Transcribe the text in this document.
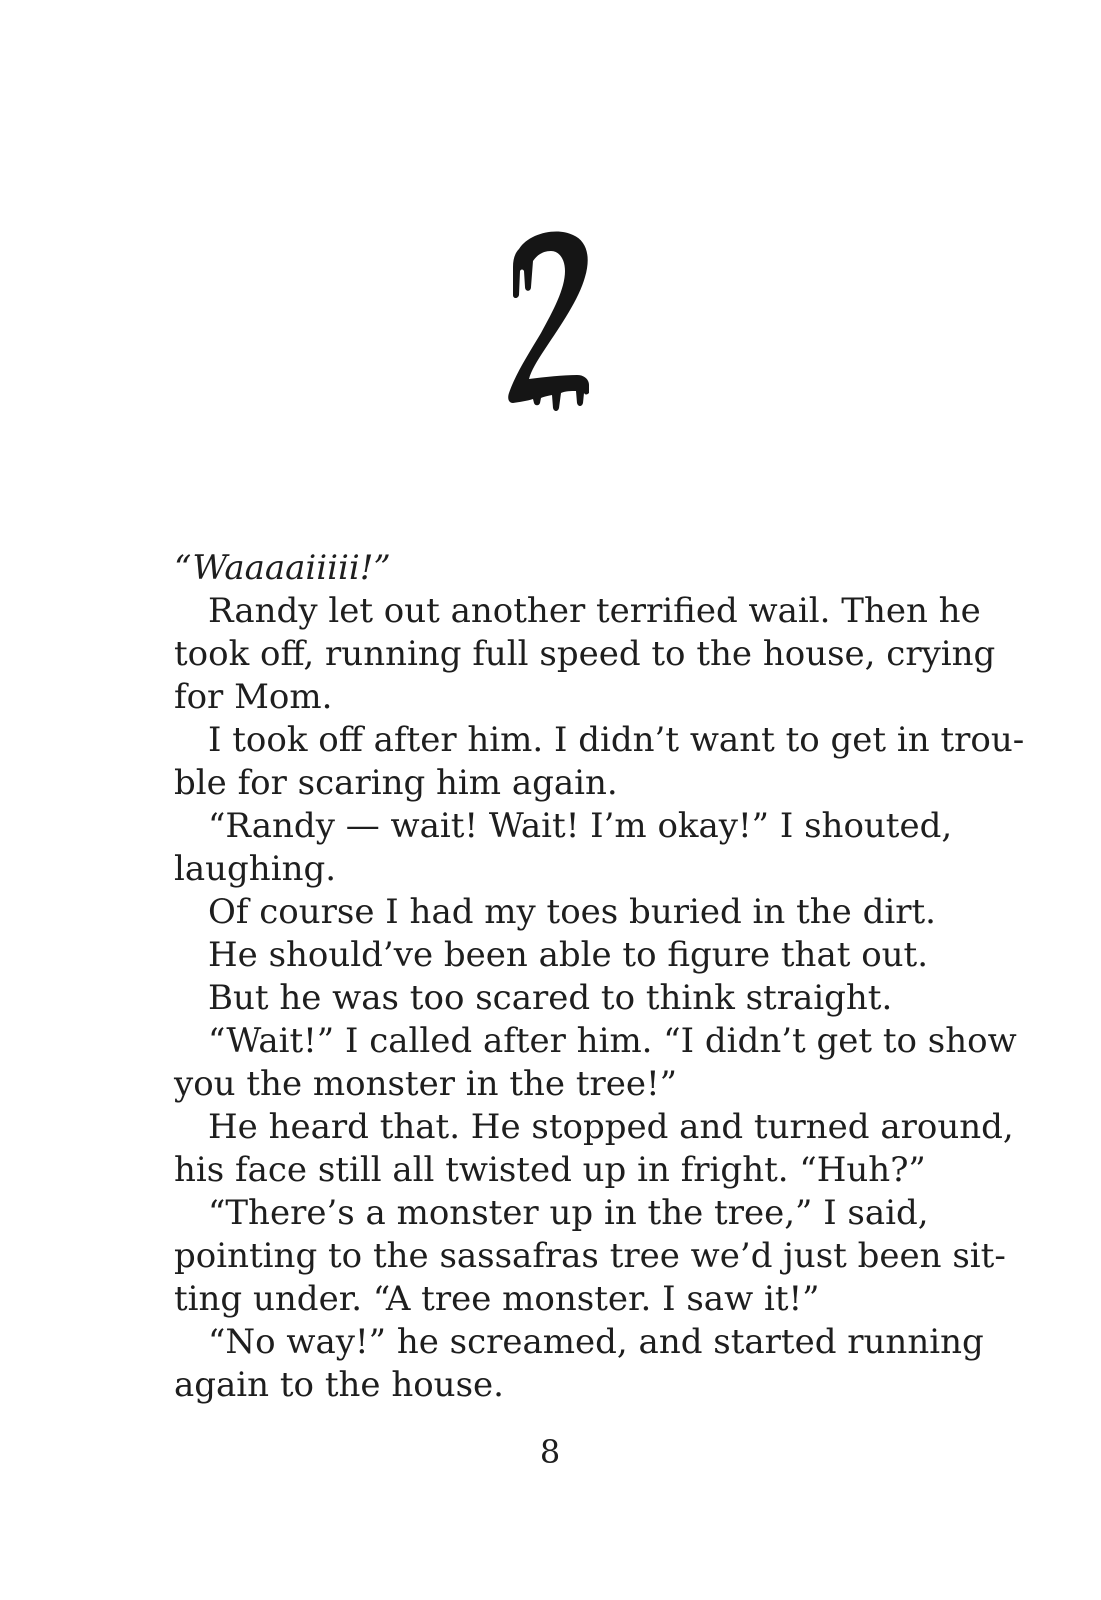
“Waaaaiiiii!”
Randy let out another terrified wail. Then he
took off, running full speed to the house, crying
for Mom.
I took off after him. I didn’t want to get in trou-
ble for scaring him again.
“Randy — wait! Wait! I’m okay!” I shouted,
laughing.
Of course I had my toes buried in the dirt.
He should’ve been able to figure that out.
But he was too scared to think straight.
“Wait!” I called after him. “I didn’t get to show
you the monster in the tree!”
He heard that. He stopped and turned around,
his face still all twisted up in fright. “Huh?”
“There’s a monster up in the tree,” I said,
pointing to the sassafras tree we’d just been sit-
ting under. “A tree monster. I saw it!”
“No way!” he screamed, and started running
again to the house.
8
